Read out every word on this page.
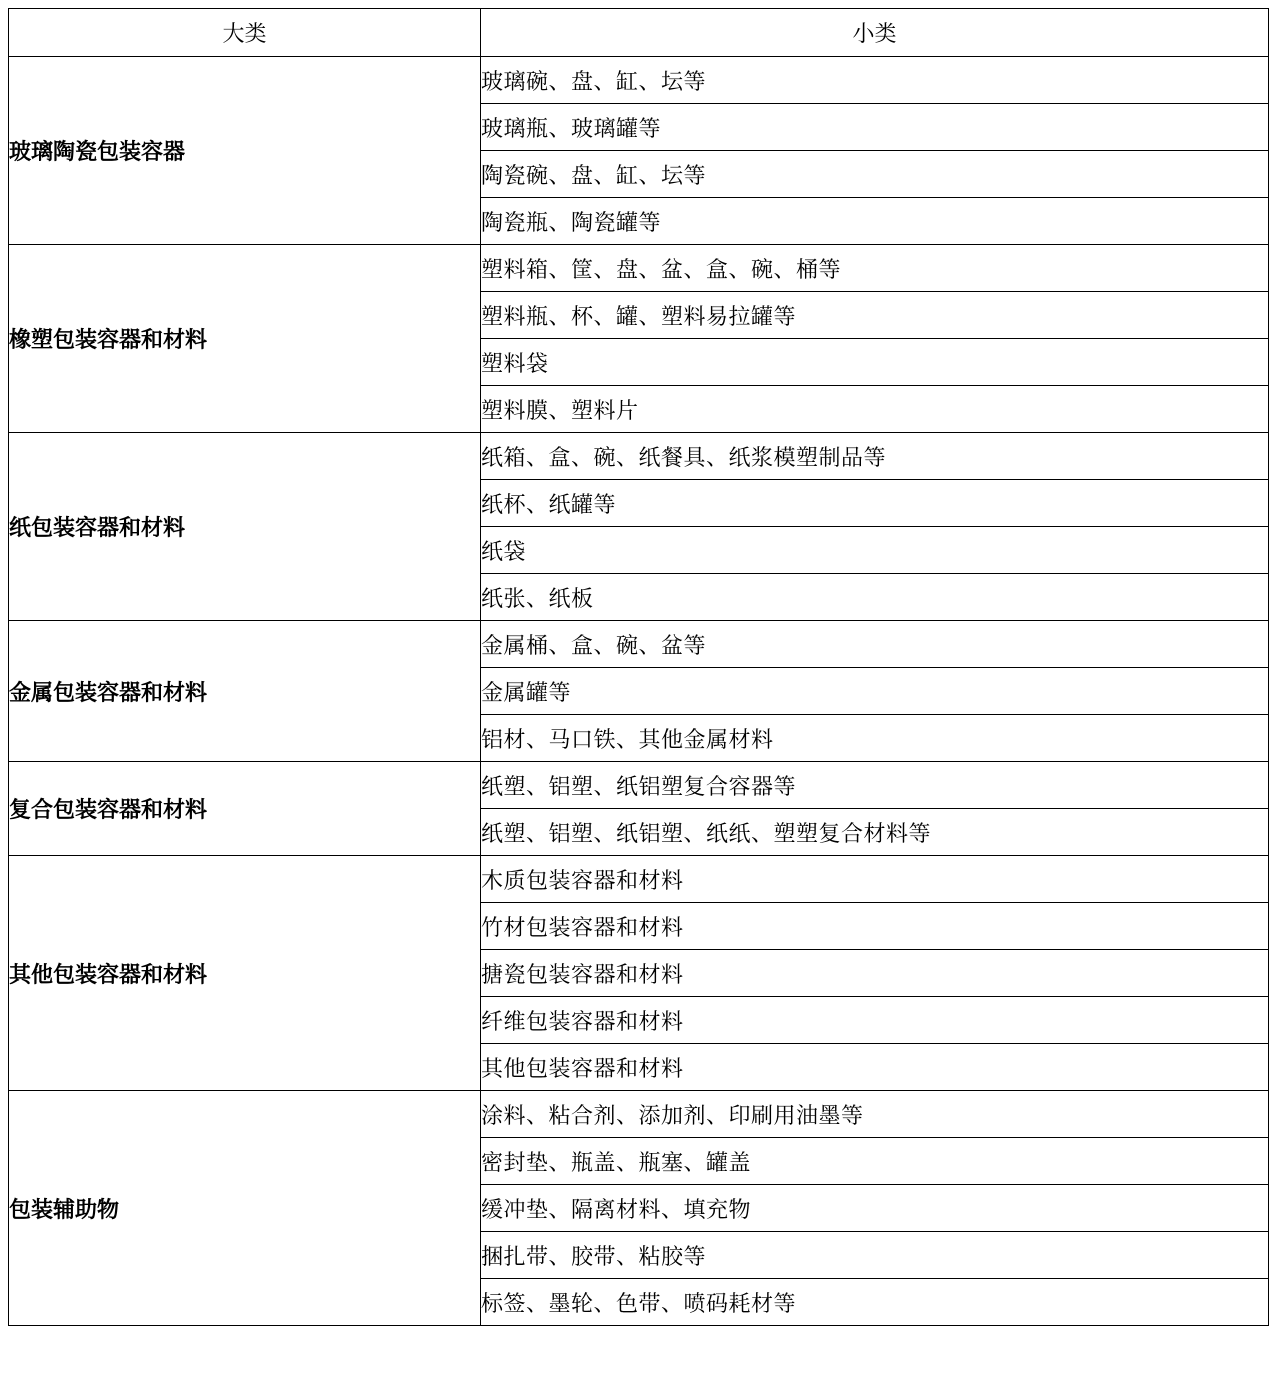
大类	小类
玻璃陶瓷包装容器	玻璃碗、盘、缸、坛等
	玻璃瓶、玻璃罐等
	陶瓷碗、盘、缸、坛等
	陶瓷瓶、陶瓷罐等
橡塑包装容器和材料	塑料箱、筐、盘、盆、盒、碗、桶等
	塑料瓶、杯、罐、塑料易拉罐等
	塑料袋
	塑料膜、塑料片
纸包装容器和材料	纸箱、盒、碗、纸餐具、纸浆模塑制品等
	纸杯、纸罐等
	纸袋
	纸张、纸板
金属包装容器和材料	金属桶、盒、碗、盆等
	金属罐等
	铝材、马口铁、其他金属材料
复合包装容器和材料	纸塑、铝塑、纸铝塑复合容器等
	纸塑、铝塑、纸铝塑、纸纸、塑塑复合材料等
其他包装容器和材料	木质包装容器和材料
	竹材包装容器和材料
	搪瓷包装容器和材料
	纤维包装容器和材料
	其他包装容器和材料
包装辅助物	涂料、粘合剂、添加剂、印刷用油墨等
	密封垫、瓶盖、瓶塞、罐盖
	缓冲垫、隔离材料、填充物
	捆扎带、胶带、粘胶等
	标签、墨轮、色带、喷码耗材等
